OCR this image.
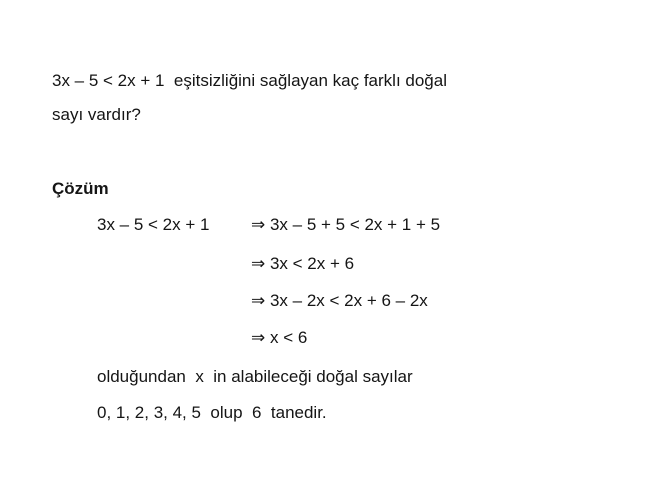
3x – 5 < 2x + 1  eşitsizliğini sağlayan kaç farklı doğal
sayı vardır?
Çözüm
3x – 5 < 2x + 1 ⇒ 3x – 5 + 5 < 2x + 1 + 5
⇒ 3x < 2x + 6
⇒ 3x – 2x < 2x + 6 – 2x
⇒ x < 6
olduğundan  x  in alabileceği doğal sayılar
0, 1, 2, 3, 4, 5  olup  6  tanedir.
